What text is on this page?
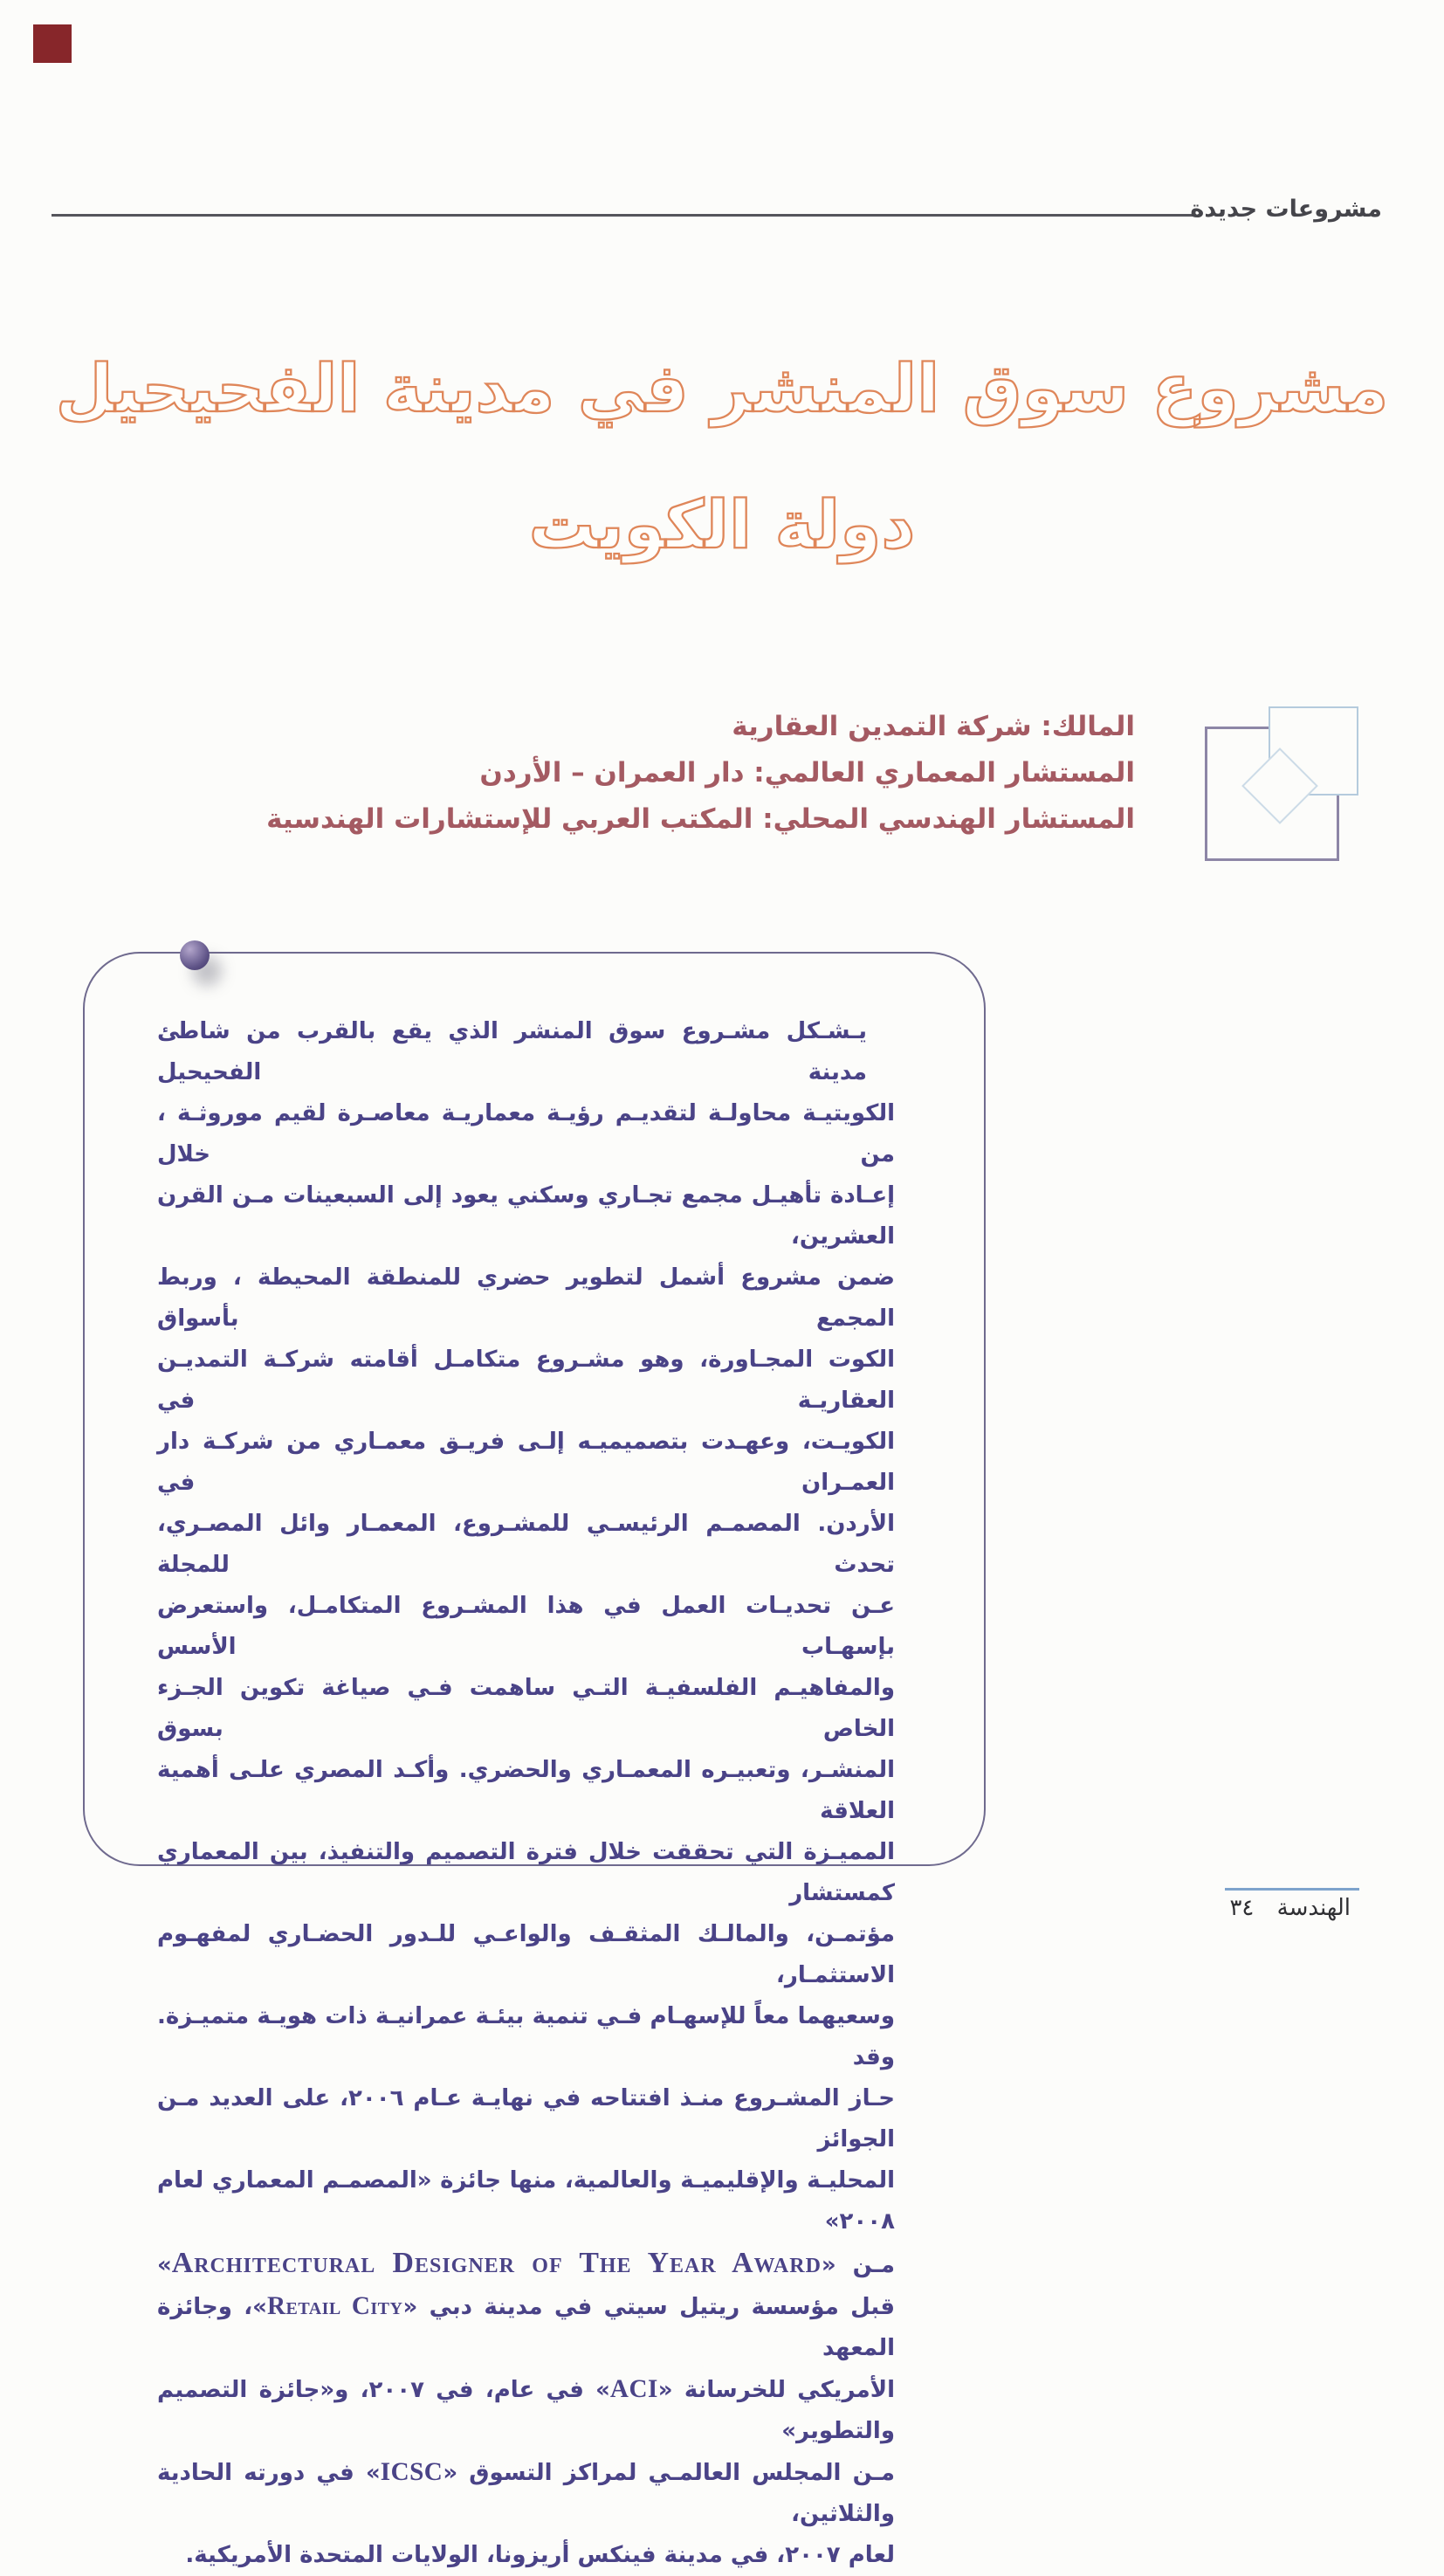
مشروعات جديدة
مشروع سوق المنشر في مدينة الفحيحيل
دولة الكويت
المالك: شركة التمدين العقارية
المستشار المعماري العالمي: دار العمران – الأردن
المستشار الهندسي المحلي: المكتب العربي للإستشارات الهندسية
يـشـكل مشـروع سوق المنشر الذي يقع بالقرب من شاطئ مدينة الفحيحيل
الكويتيـة محاولـة لتقديـم رؤيـة معماريـة معاصـرة لقيم موروثـة ، من خلال
إعـادة تأهيـل مجمع تجـاري وسكني يعود إلى السبعينات مـن القرن العشرين،
ضمن مشروع أشمل لتطوير حضري للمنطقة المحيطة ، وربط المجمع بأسواق
الكوت المجـاورة، وهو مشـروع متكامـل أقامته شركـة التمديـن العقاريـة في
الكويـت، وعهـدت بتصميميـه إلـى فريـق معمـاري من شركـة دار العمـران في
الأردن. المصمـم الرئيسـي للمشـروع، المعمـار وائل المصـري، تحدث للمجلة
عـن تحديـات العمل في هذا المشـروع المتكامـل، واستعرض بإسهـاب الأسس
والمفاهيـم الفلسفيـة التـي ساهمت فـي صياغة تكوين الجـزء الخاص بسوق
المنشـر، وتعبيـره المعمـاري والحضري. وأكـد المصري علـى أهمية العلاقة
المميـزة التي تحققت خلال فترة التصميم والتنفيذ، بين المعماري كمستشار
مؤتمـن، والمالـك المثقـف والواعـي للـدور الحضـاري لمفهـوم الاستثمـار،
وسعيهما معاً للإسهـام فـي تنمية بيئـة عمرانيـة ذات هويـة متميـزة. وقد
حـاز المشـروع منـذ افتتاحه في نهايـة عـام ٢٠٠٦، على العديد مـن الجوائز
المحليـة والإقليميـة والعالمية، منها جائزة «المصمـم المعماري لعام ٢٠٠٨»
مـن «Architectural Designer of The Year Award»
قبل مؤسسة ريتيل سيتي في مدينة دبي «Retail City»، وجائزة المعهد
الأمريكي للخرسانة «ACI» في عام، في ٢٠٠٧، و«جائزة التصميم والتطوير»
مـن المجلس العالمـي لمراكز التسوق «ICSC» في دورته الحادية والثلاثين،
لعام ٢٠٠٧، في مدينة فينكس أريزونا، الولايات المتحدة الأمريكية.
الهندسة ٣٤
